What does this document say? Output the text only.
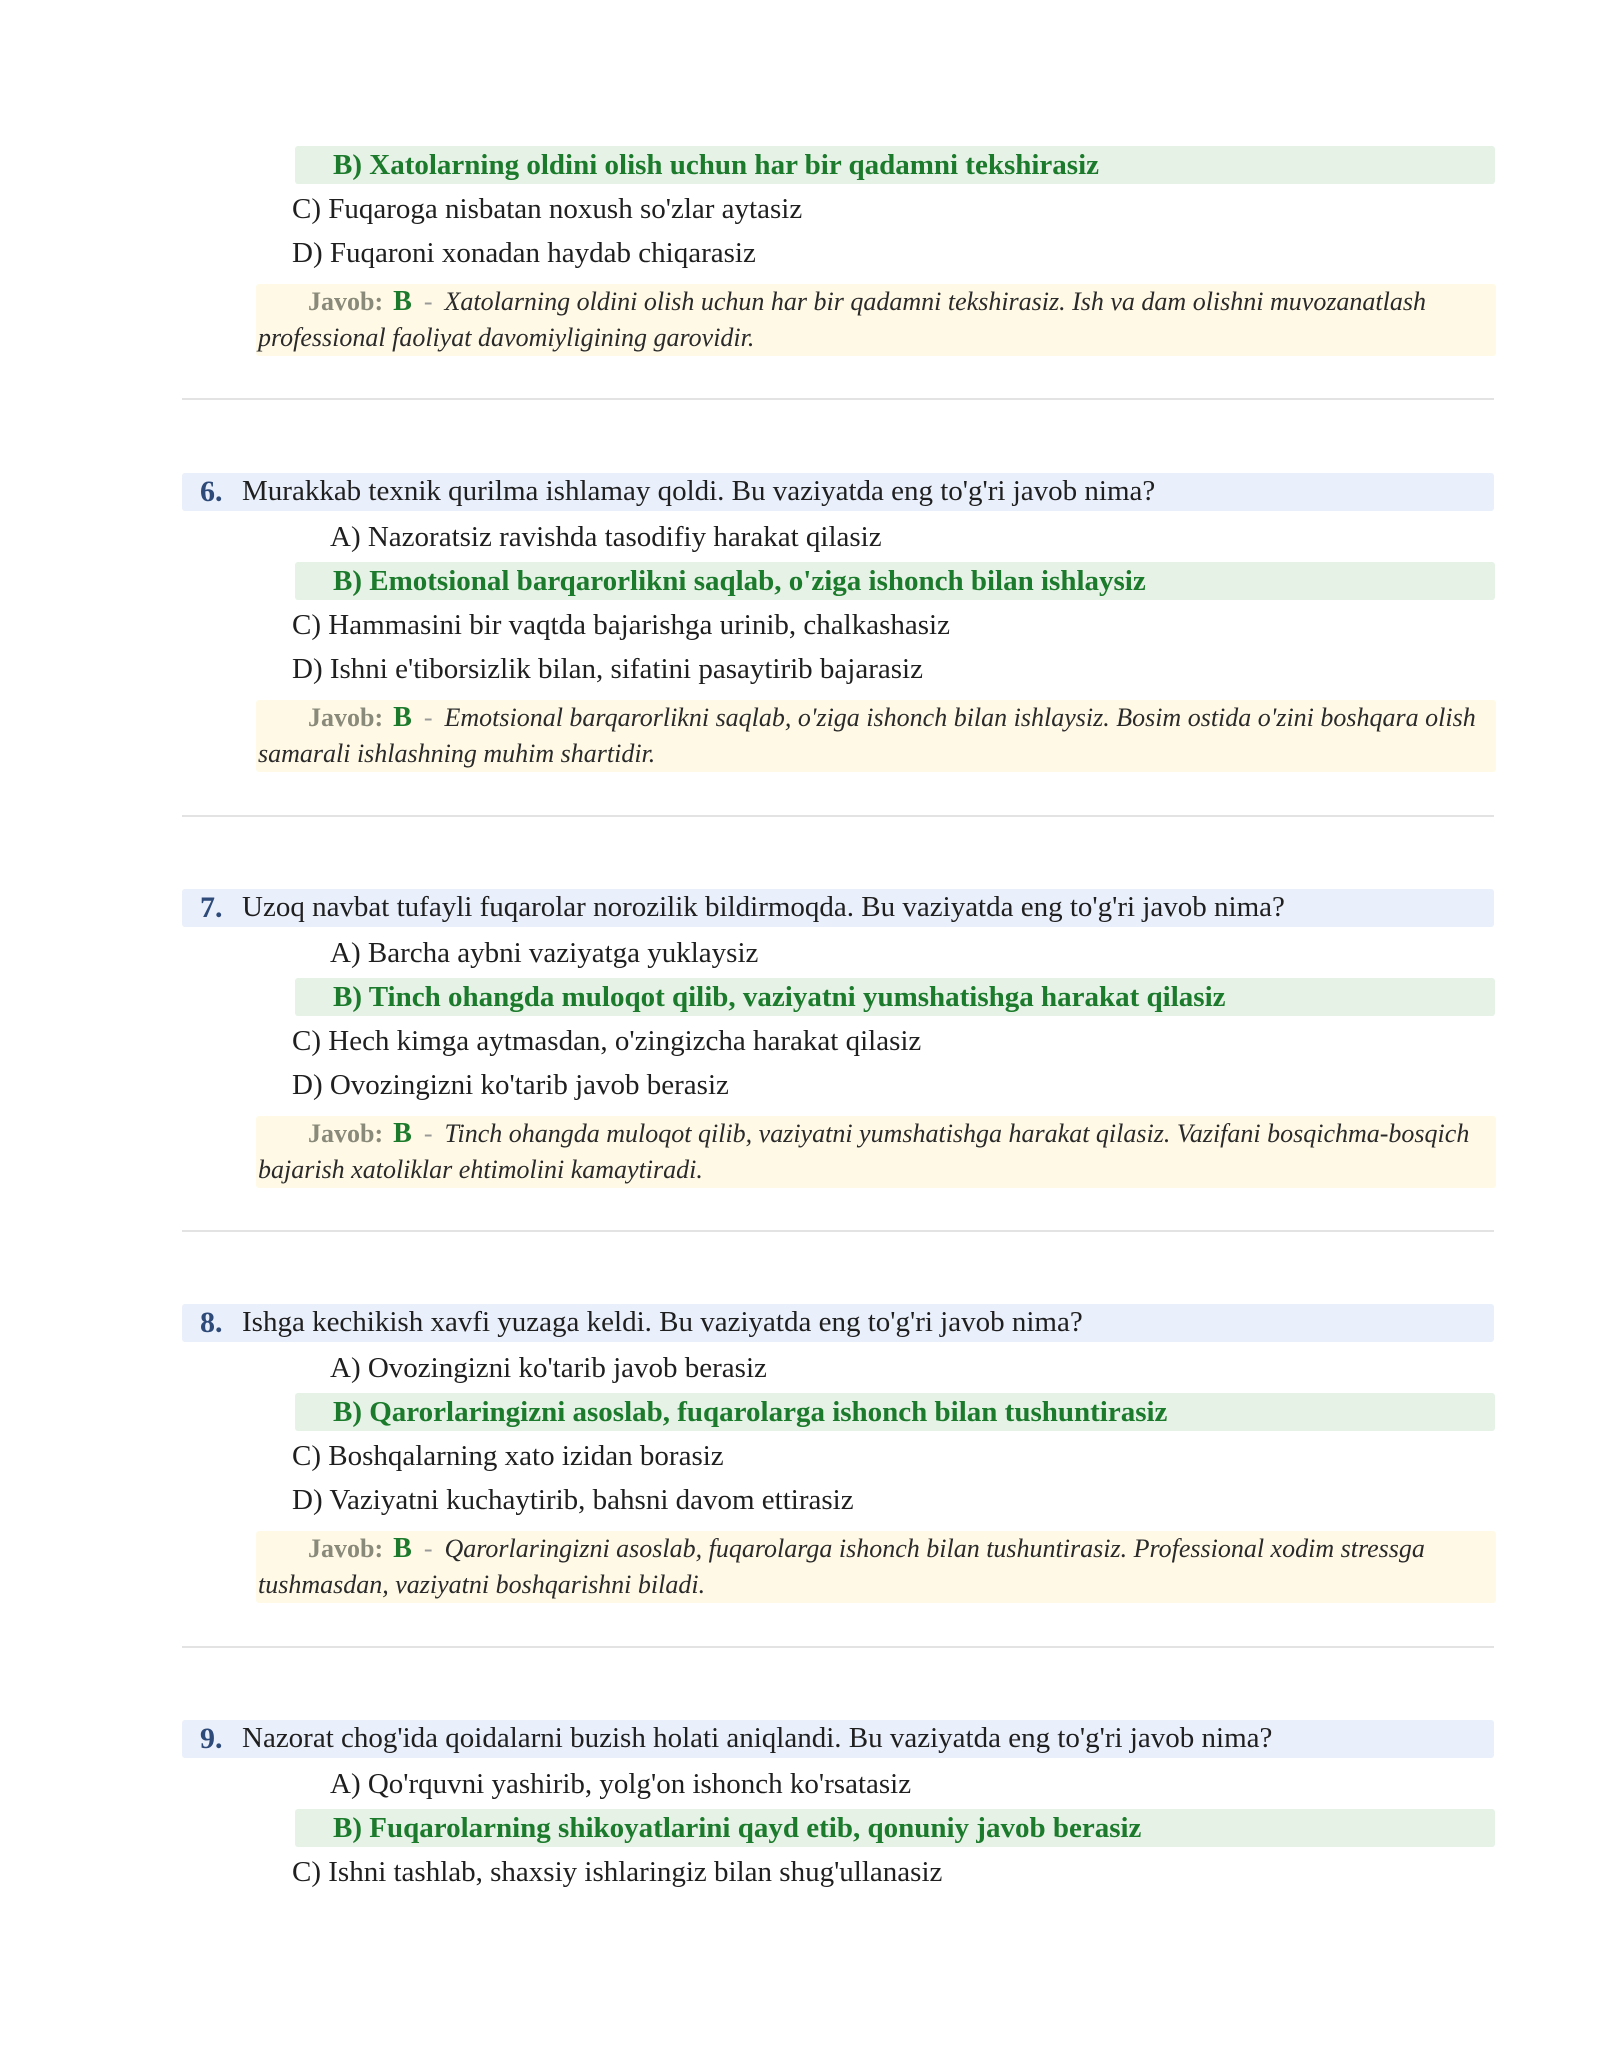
B) Xatolarning oldini olish uchun har bir qadamni tekshirasiz
C) Fuqaroga nisbatan noxush so'zlar aytasiz
D) Fuqaroni xonadan haydab chiqarasiz
Javob: B - Xatolarning oldini olish uchun har bir qadamni tekshirasiz. Ish va dam olishni muvozanatlash professional faoliyat davomiyligining garovidir.
6. Murakkab texnik qurilma ishlamay qoldi. Bu vaziyatda eng to'g'ri javob nima?
A) Nazoratsiz ravishda tasodifiy harakat qilasiz
B) Emotsional barqarorlikni saqlab, o'ziga ishonch bilan ishlaysiz
C) Hammasini bir vaqtda bajarishga urinib, chalkashasiz
D) Ishni e'tiborsizlik bilan, sifatini pasaytirib bajarasiz
Javob: B - Emotsional barqarorlikni saqlab, o'ziga ishonch bilan ishlaysiz. Bosim ostida o'zini boshqara olish samarali ishlashning muhim shartidir.
7. Uzoq navbat tufayli fuqarolar norozilik bildirmoqda. Bu vaziyatda eng to'g'ri javob nima?
A) Barcha aybni vaziyatga yuklaysiz
B) Tinch ohangda muloqot qilib, vaziyatni yumshatishga harakat qilasiz
C) Hech kimga aytmasdan, o'zingizcha harakat qilasiz
D) Ovozingizni ko'tarib javob berasiz
Javob: B - Tinch ohangda muloqot qilib, vaziyatni yumshatishga harakat qilasiz. Vazifani bosqichma-bosqich bajarish xatoliklar ehtimolini kamaytiradi.
8. Ishga kechikish xavfi yuzaga keldi. Bu vaziyatda eng to'g'ri javob nima?
A) Ovozingizni ko'tarib javob berasiz
B) Qarorlaringizni asoslab, fuqarolarga ishonch bilan tushuntirasiz
C) Boshqalarning xato izidan borasiz
D) Vaziyatni kuchaytirib, bahsni davom ettirasiz
Javob: B - Qarorlaringizni asoslab, fuqarolarga ishonch bilan tushuntirasiz. Professional xodim stressga tushmasdan, vaziyatni boshqarishni biladi.
9. Nazorat chog'ida qoidalarni buzish holati aniqlandi. Bu vaziyatda eng to'g'ri javob nima?
A) Qo'rquvni yashirib, yolg'on ishonch ko'rsatasiz
B) Fuqarolarning shikoyatlarini qayd etib, qonuniy javob berasiz
C) Ishni tashlab, shaxsiy ishlaringiz bilan shug'ullanasiz
